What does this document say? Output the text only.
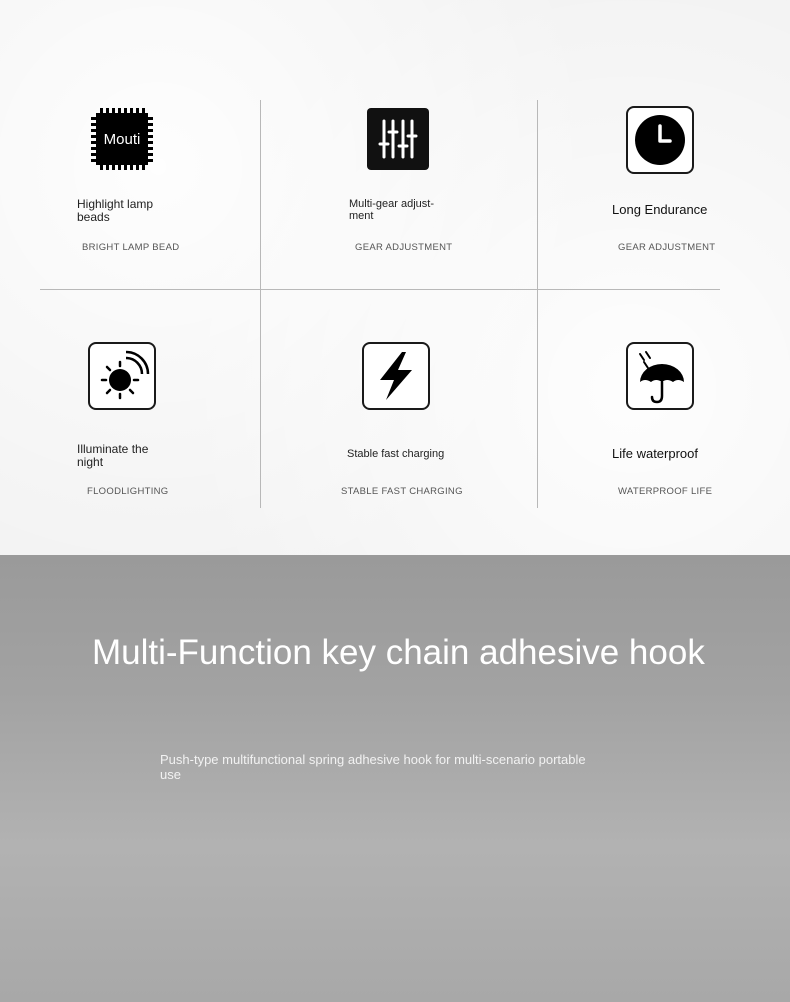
Mouti
Highlight lamp beads
BRIGHT LAMP BEAD
Multi-gear adjust-ment
GEAR ADJUSTMENT
Long Endurance
GEAR ADJUSTMENT
Illuminate the night
FLOODLIGHTING
Stable fast charging
STABLE FAST CHARGING
Life waterproof
WATERPROOF LIFE
Multi-Function key chain adhesive hook
Push-type multifunctional spring adhesive hook for multi-scenario portable use
